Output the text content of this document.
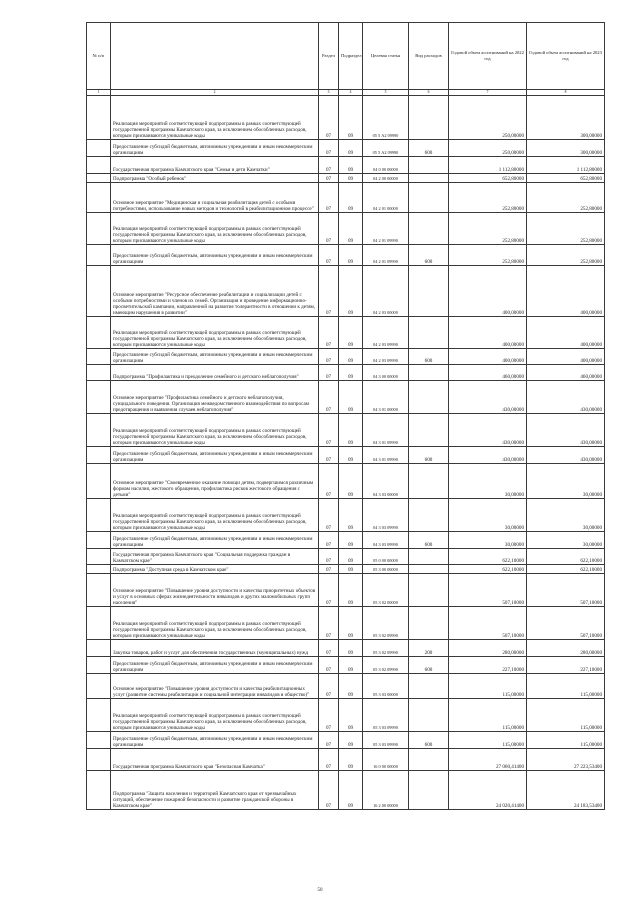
№ п/п		Раздел	Подраздел	Целевая статья	Вид расходов	Годовой объем ассигнований на 2022 год	Годовой объем ассигнований на 2023 год
1	2	3	4	5	6	7	8
	Реализация мероприятий соответствующей подпрограммы в рамках соответствующей государственной программы Камчатского края, за исключением обособленных расходов, которым присваиваются уникальные коды	07	09	05 5 А2 09990		250,00000	300,00000
	Предоставление субсидий бюджетным, автономным учреждениям и иным некоммерческим организациям	07	09	05 5 А2 09990	600	250,00000	300,00000
	Государственная программа Камчатского края "Семья и дети Камчатки"	07	09	04 0 00 00000		1 112,80000	1 112,80000
	Подпрограмма "Особый ребенок"	07	09	04 2 00 00000		652,80000	652,80000
	Основное мероприятие "Медицинская и социальная реабилитация детей с особыми потребностями, использование новых методов и технологий в реабилитационном процессе"	07	09	04 2 01 00000		252,80000	252,80000
	Реализация мероприятий соответствующей подпрограммы в рамках соответствующей государственной программы Камчатского края, за исключением обособленных расходов, которым присваиваются уникальные коды	07	09	04 2 01 09990		252,80000	252,80000
	Предоставление субсидий бюджетным, автономным учреждениям и иным некоммерческим организациям	07	09	04 2 01 09990	600	252,80000	252,80000
	Основное мероприятие "Ресурсное обеспечение реабилитации и социализации детей с особыми потребностями и членов их семей. Организация и проведение информационно-просветительской кампании, направленной на развитие толерантности в отношении к детям, имеющим нарушения в развитии"	07	09	04 2 03 00000		400,00000	400,00000
	Реализация мероприятий соответствующей подпрограммы в рамках соответствующей государственной программы Камчатского края, за исключением обособленных расходов, которым присваиваются уникальные коды	07	09	04 2 03 09990		400,00000	400,00000
	Предоставление субсидий бюджетным, автономным учреждениям и иным некоммерческим организациям	07	09	04 2 03 09990	600	400,00000	400,00000
	Подпрограмма "Профилактика и преодоление семейного и детского неблагополучия"	07	09	04 3 00 00000		460,00000	460,00000
	Основное мероприятие "Профилактика семейного и детского неблагополучия, суицидального поведения. Организация межведомственного взаимодействия по вопросам предотвращения и выявления случаев неблагополучия"	07	09	04 3 01 00000		430,00000	430,00000
	Реализация мероприятий соответствующей подпрограммы в рамках соответствующей государственной программы Камчатского края, за исключением обособленных расходов, которым присваиваются уникальные коды	07	09	04 3 01 09990		430,00000	430,00000
	Предоставление субсидий бюджетным, автономным учреждениям и иным некоммерческим организациям	07	09	04 3 01 09990	600	430,00000	430,00000
	Основное мероприятие "Своевременное оказание помощи детям, подвергшимся различным формам насилия, жестокого обращения, профилактика рисков жестокого обращения с детьми"	07	09	04 3 03 00000		30,00000	30,00000
	Реализация мероприятий соответствующей подпрограммы в рамках соответствующей государственной программы Камчатского края, за исключением обособленных расходов, которым присваиваются уникальные коды	07	09	04 3 03 09990		30,00000	30,00000
	Предоставление субсидий бюджетным, автономным учреждениям и иным некоммерческим организациям	07	09	04 3 03 09990	600	30,00000	30,00000
	Государственная программа Камчатского края "Социальная поддержка граждан в Камчатском крае"	07	09	05 0 00 00000		622,10000	622,10000
	Подпрограмма "Доступная среда в Камчатском крае"	07	09	05 3 00 00000		622,10000	622,10000
	Основное мероприятие "Повышение уровня доступности и качества приоритетных объектов и услуг в основных сферах жизнедеятельности инвалидов и других маломобильных групп населения"	07	09	05 3 02 00000		507,10000	507,10000
	Реализация мероприятий соответствующей подпрограммы в рамках соответствующей государственной программы Камчатского края, за исключением обособленных расходов, которым присваиваются уникальные коды	07	09	05 3 02 09990		507,10000	507,10000
	Закупка товаров, работ и услуг для обеспечения государственных (муниципальных) нужд	07	09	05 3 02 09990	200	280,00000	280,00000
	Предоставление субсидий бюджетным, автономным учреждениям и иным некоммерческим организациям	07	09	05 3 02 09990	600	227,10000	227,10000
	Основное мероприятие "Повышение уровня доступности и качества реабилитационных услуг (развитие системы реабилитации и социальной интеграции инвалидов в общество)"	07	09	05 3 03 00000		115,00000	115,00000
	Реализация мероприятий соответствующей подпрограммы в рамках соответствующей государственной программы Камчатского края, за исключением обособленных расходов, которым присваиваются уникальные коды	07	09	05 3 03 09990		115,00000	115,00000
	Предоставление субсидий бюджетным, автономным учреждениям и иным некоммерческим организациям	07	09	05 3 03 09990	600	115,00000	115,00000
	Государственная программа Камчатского края "Безопасная Камчатка"	07	09	16 0 00 00000		27 060,41400	27 223,53400
	Подпрограмма "Защита населения и территорий Камчатского края от чрезвычайных ситуаций, обеспечение пожарной безопасности и развитие гражданской обороны в Камчатском крае"	07	09	16 2 00 00000		24 020,41400	24 183,53400
50
